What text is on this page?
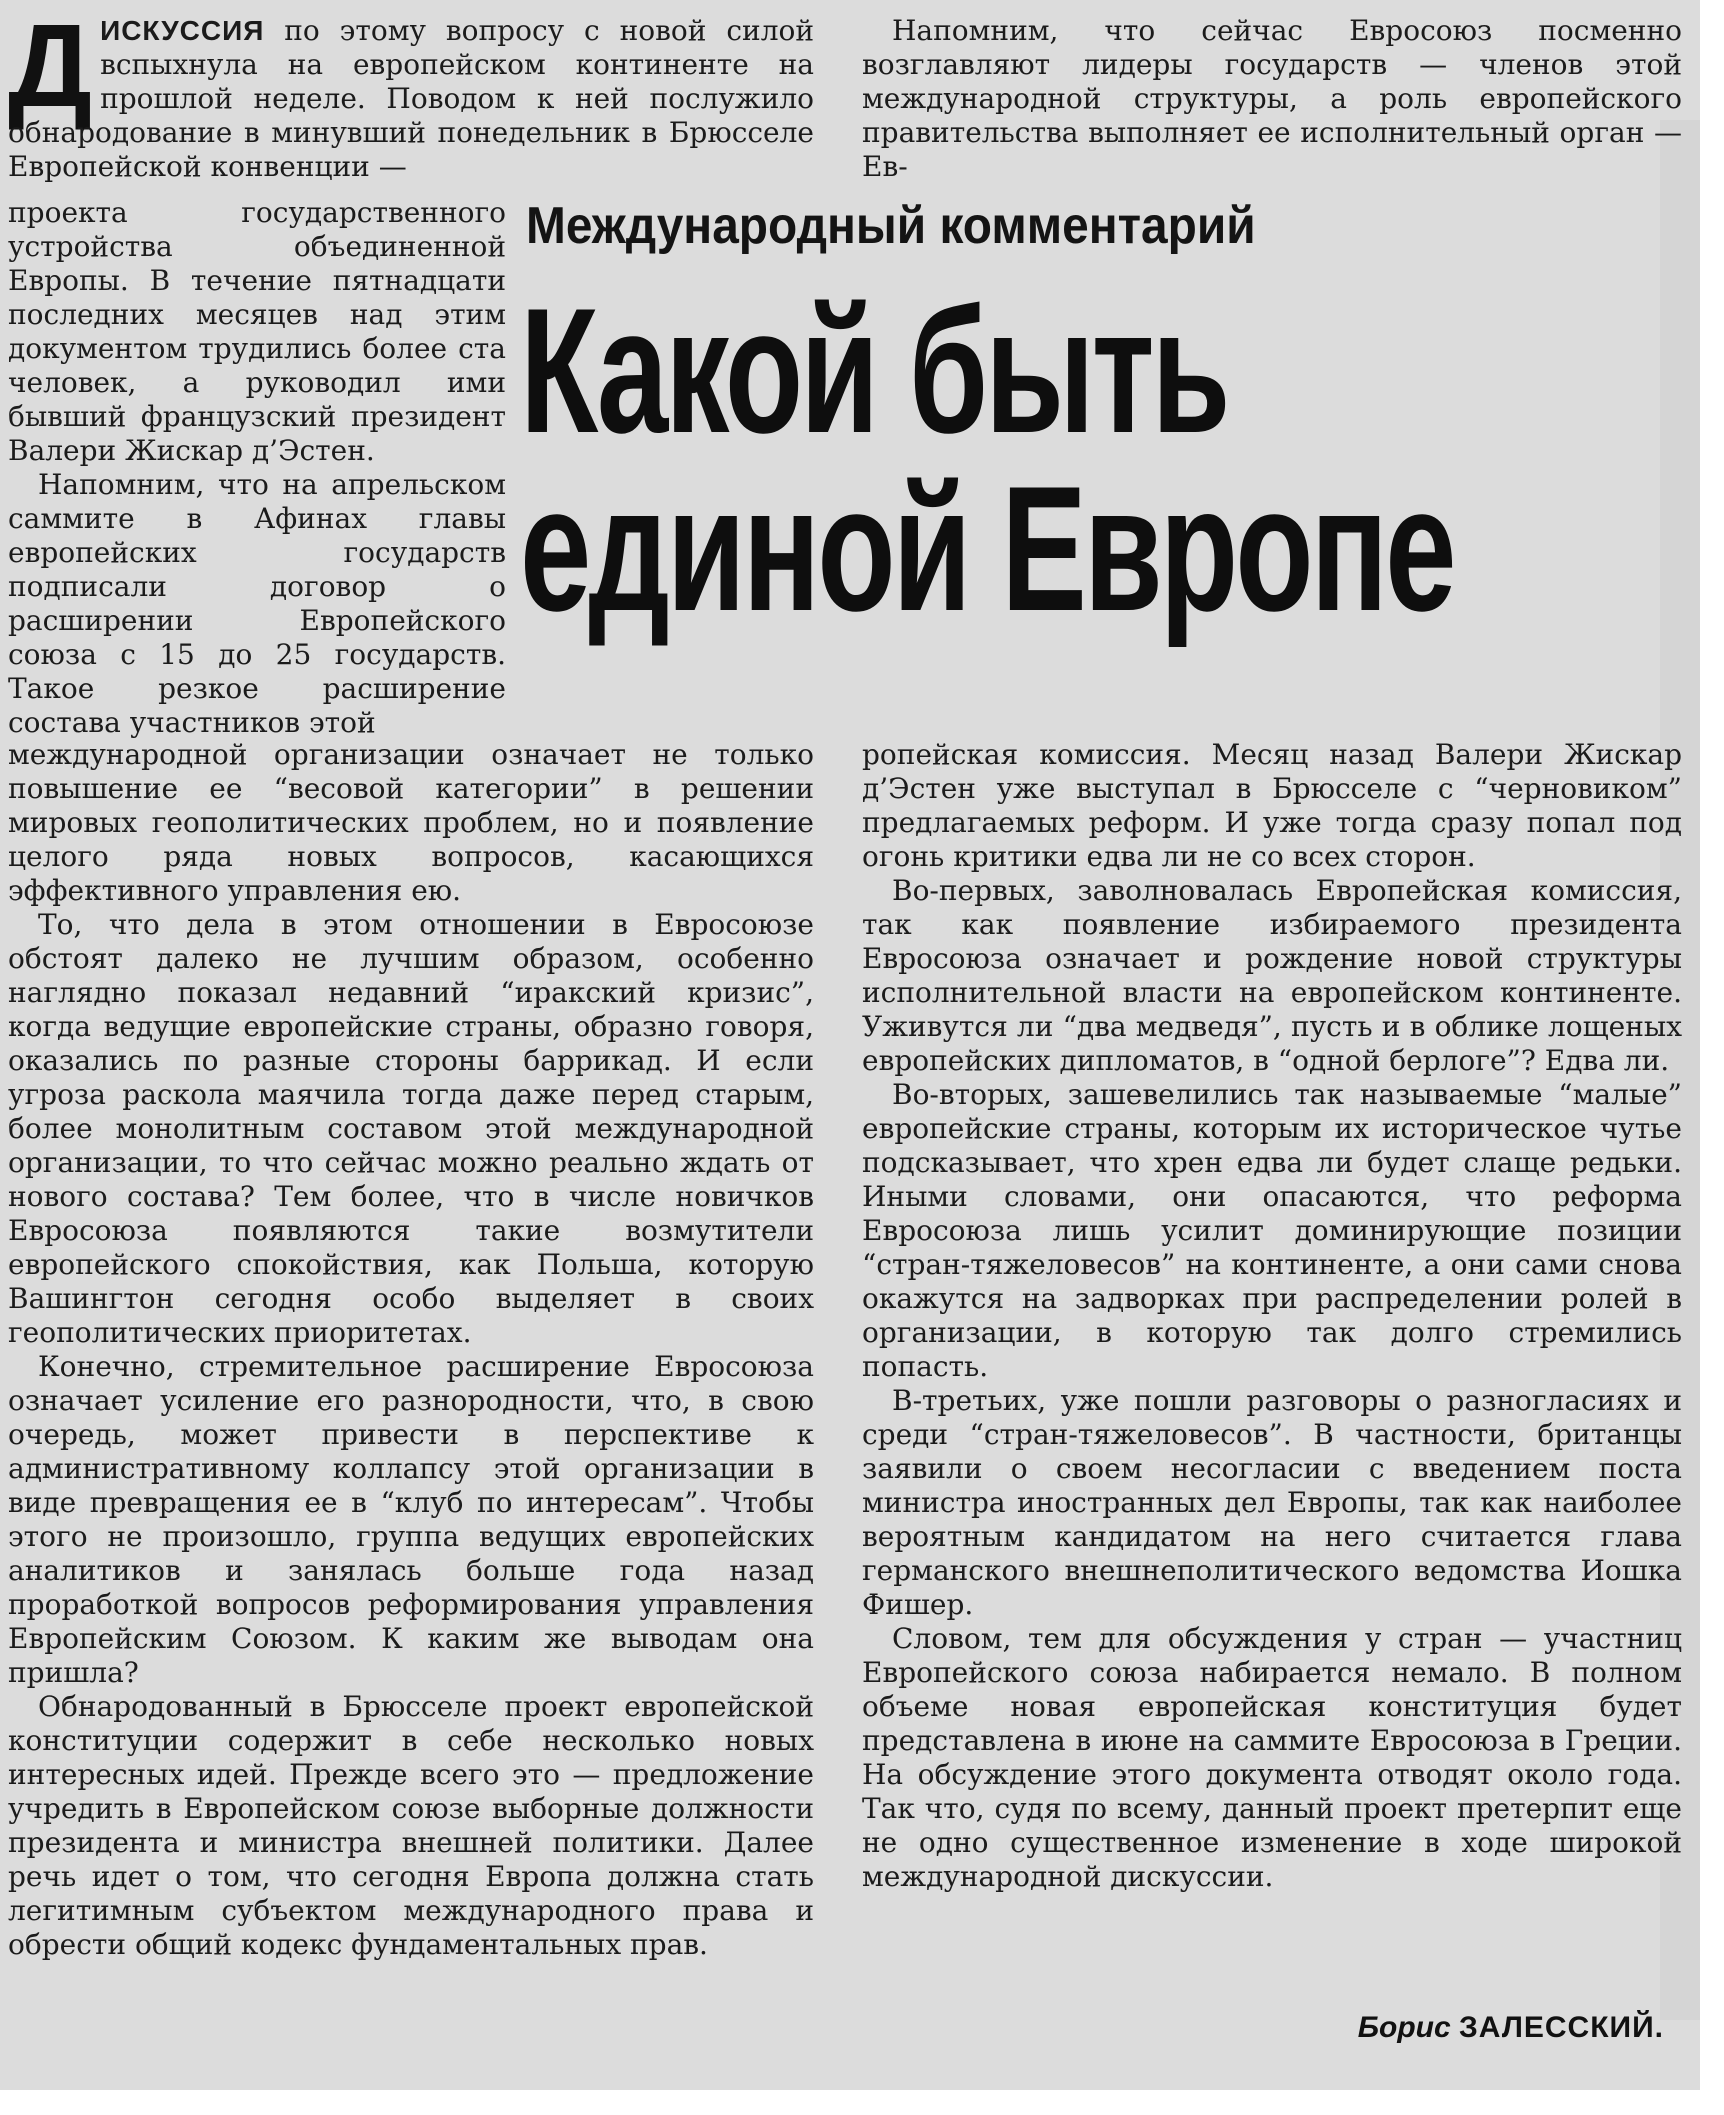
ДИСКУССИЯ по этому вопросу с новой силой вспыхнула на европейском континенте на прошлой неделе. Поводом к ней послужило обнародование в минувший понедельник в Брюсселе Европейской конвенции —

проекта государственного устройства объединенной Европы. В течение пятнадцати последних месяцев над этим документом трудились более ста человек, а руководил ими бывший французский президент Валери Жискар д’Эстен.

Напомним, что на апрельском саммите в Афинах главы европейских государств подписали договор о расширении Европейского союза с 15 до 25 государств. Такое резкое расширение состава участников этой

международной организации означает не только повышение ее “весовой категории” в решении мировых геополитических проблем, но и появление целого ряда новых вопросов, касающихся эффективного управления ею.

То, что дела в этом отношении в Евросоюзе обстоят далеко не лучшим образом, особенно наглядно показал недавний “иракский кризис”, когда ведущие европейские страны, образно говоря, оказались по разные стороны баррикад. И если угроза раскола маячила тогда даже перед старым, более монолитным составом этой международной организации, то что сейчас можно реально ждать от нового состава? Тем более, что в числе новичков Евросоюза появляются такие возмутители европейского спокойствия, как Польша, которую Вашингтон сегодня особо выделяет в своих геополитических приоритетах.

Конечно, стремительное расширение Евросоюза означает усиление его разнородности, что, в свою очередь, может привести в перспективе к административному коллапсу этой организации в виде превращения ее в “клуб по интересам”. Чтобы этого не произошло, группа ведущих европейских аналитиков и занялась больше года назад проработкой вопросов реформирования управления Европейским Союзом. К каким же выводам она пришла?

Обнародованный в Брюсселе проект европейской конституции содержит в себе несколько новых интересных идей. Прежде всего это — предложение учредить в Европейском союзе выборные должности президента и министра внешней политики. Далее речь идет о том, что сегодня Европа должна стать легитимным субъектом международного права и обрести общий кодекс фундаментальных прав.

Напомним, что сейчас Евросоюз посменно возглавляют лидеры государств — членов этой международной структуры, а роль европейского правительства выполняет ее исполнительный орган — Ев-

Международный комментарий
Какой быть
единой Европе

ропейская комиссия. Месяц назад Валери Жискар д’Эстен уже выступал в Брюсселе с “черновиком” предлагаемых реформ. И уже тогда сразу попал под огонь критики едва ли не со всех сторон.

Во-первых, заволновалась Европейская комиссия, так как появление избираемого президента Евросоюза означает и рождение новой структуры исполнительной власти на европейском континенте. Уживутся ли “два медведя”, пусть и в облике лощеных европейских дипломатов, в “одной берлоге”? Едва ли.

Во-вторых, зашевелились так называемые “малые” европейские страны, которым их историческое чутье подсказывает, что хрен едва ли будет слаще редьки. Иными словами, они опасаются, что реформа Евросоюза лишь усилит доминирующие позиции “стран-тяжеловесов” на континенте, а они сами снова окажутся на задворках при распределении ролей в организации, в которую так долго стремились попасть.

В-третьих, уже пошли разговоры о разногласиях и среди “стран-тяжеловесов”. В частности, британцы заявили о своем несогласии с введением поста министра иностранных дел Европы, так как наиболее вероятным кандидатом на него считается глава германского внешнеполитического ведомства Иошка Фишер.

Словом, тем для обсуждения у стран — участниц Европейского союза набирается немало. В полном объеме новая европейская конституция будет представлена в июне на саммите Евросоюза в Греции. На обсуждение этого документа отводят около года. Так что, судя по всему, данный проект претерпит еще не одно существенное изменение в ходе широкой международной дискуссии.

Борис ЗАЛЕССКИЙ.
